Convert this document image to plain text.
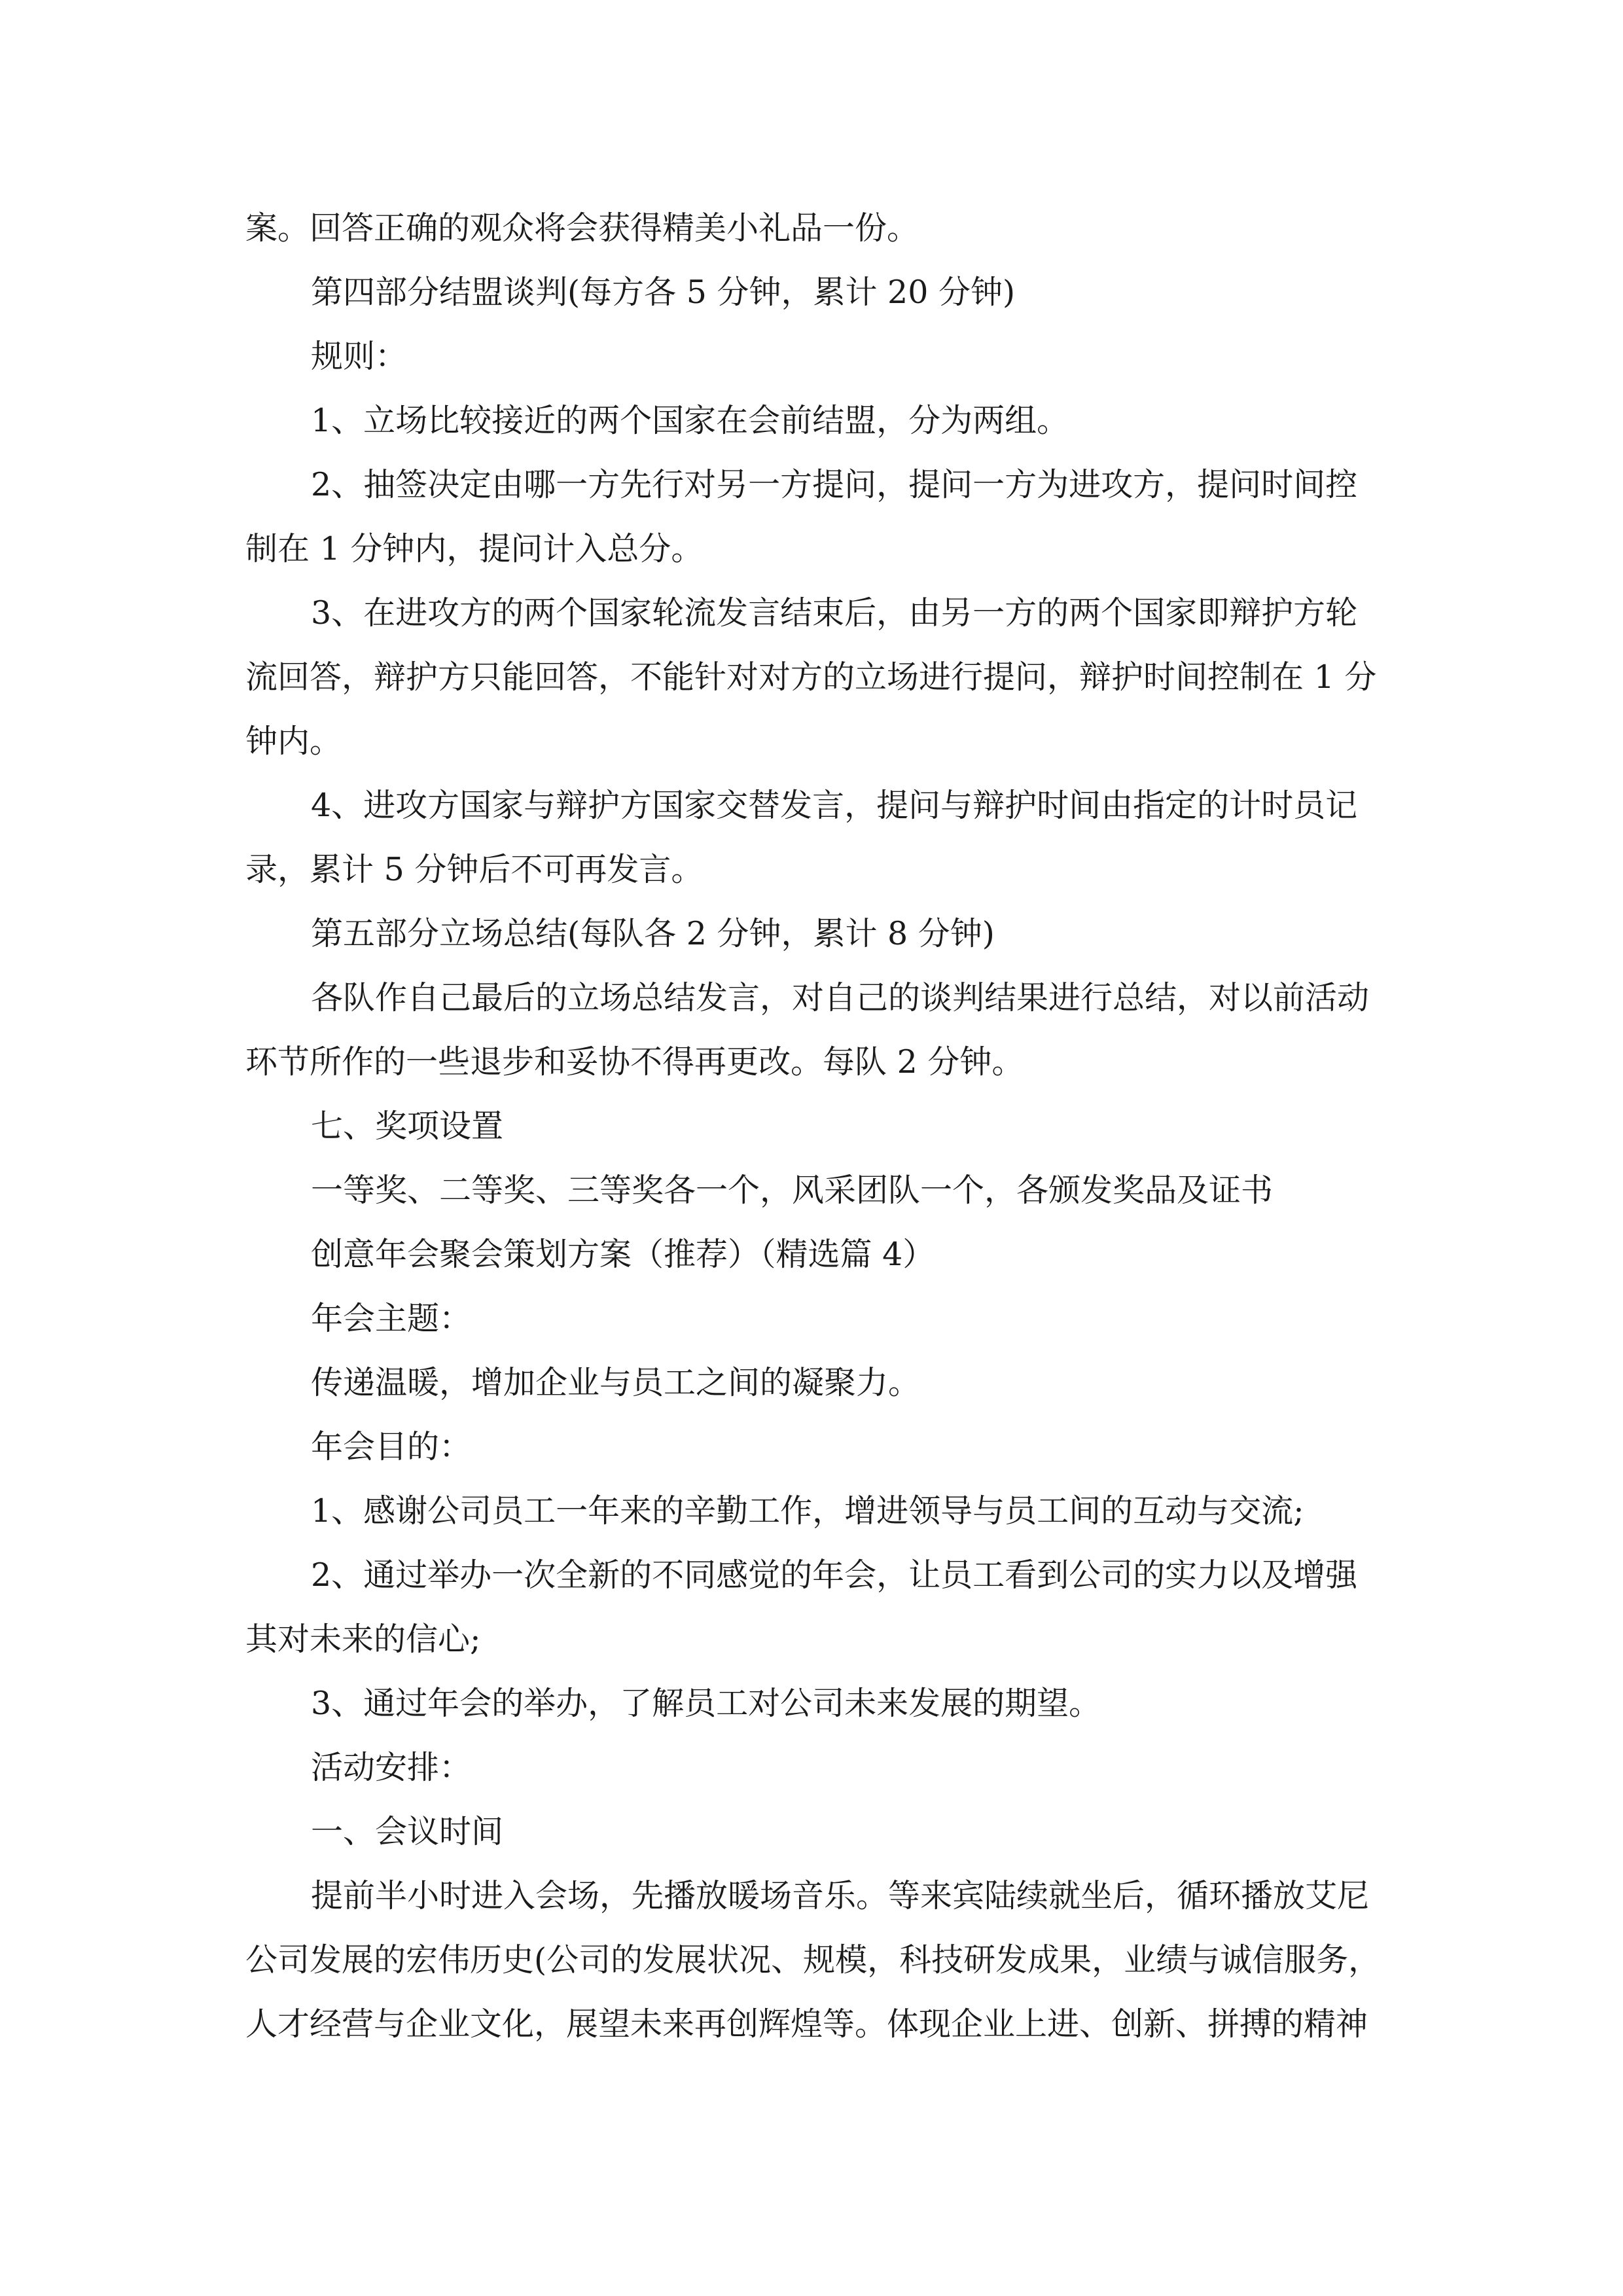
案。回答正确的观众将会获得精美小礼品一份。

第四部分结盟谈判(每方各 5 分钟，累计 20 分钟)

规则：

1、立场比较接近的两个国家在会前结盟，分为两组。

2、抽签决定由哪一方先行对另一方提问，提问一方为进攻方，提问时间控制在 1 分钟内，提问计入总分。

3、在进攻方的两个国家轮流发言结束后，由另一方的两个国家即辩护方轮流回答，辩护方只能回答，不能针对对方的立场进行提问，辩护时间控制在 1 分钟内。

4、进攻方国家与辩护方国家交替发言，提问与辩护时间由指定的计时员记录，累计 5 分钟后不可再发言。

第五部分立场总结(每队各 2 分钟，累计 8 分钟)

各队作自己最后的立场总结发言，对自己的谈判结果进行总结，对以前活动环节所作的一些退步和妥协不得再更改。每队 2 分钟。

七、奖项设置

一等奖、二等奖、三等奖各一个，风采团队一个，各颁发奖品及证书

创意年会聚会策划方案（推荐）（精选篇 4）

年会主题：

传递温暖，增加企业与员工之间的凝聚力。

年会目的：

1、感谢公司员工一年来的辛勤工作，增进领导与员工间的互动与交流;

2、通过举办一次全新的不同感觉的年会，让员工看到公司的实力以及增强其对未来的信心;

3、通过年会的举办，了解员工对公司未来发展的期望。

活动安排：

一、会议时间

提前半小时进入会场，先播放暖场音乐。等来宾陆续就坐后，循环播放艾尼公司发展的宏伟历史(公司的发展状况、规模，科技研发成果，业绩与诚信服务，人才经营与企业文化，展望未来再创辉煌等。体现企业上进、创新、拼搏的精神
